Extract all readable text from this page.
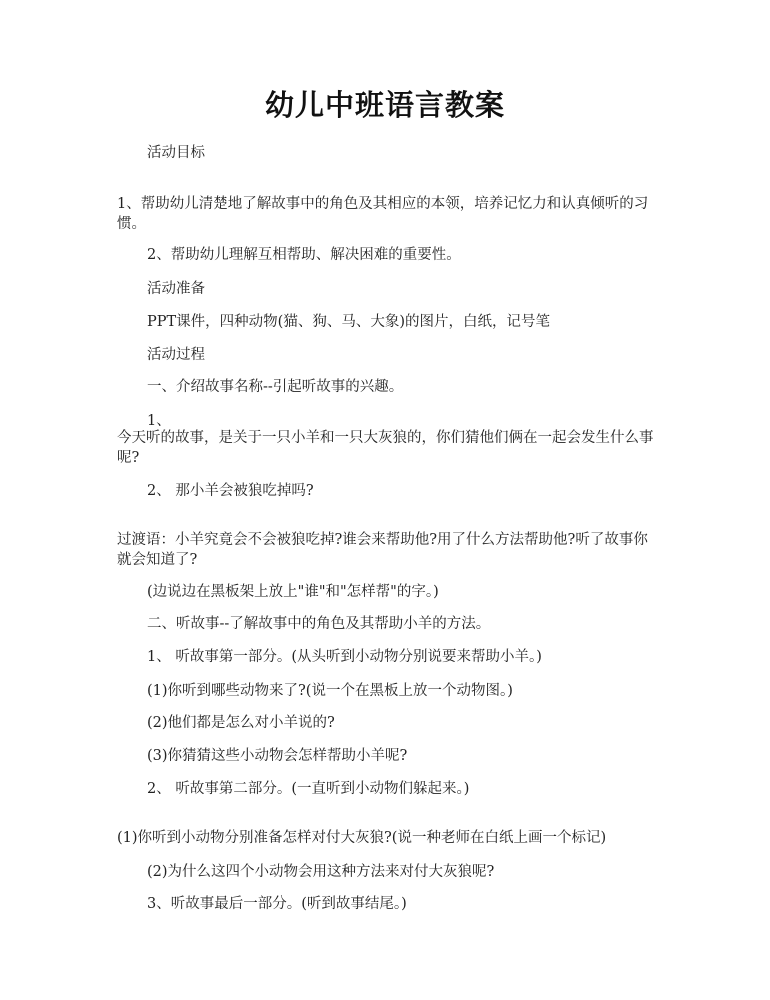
幼儿中班语言教案
活动目标
1、帮助幼儿清楚地了解故事中的角色及其相应的本领，培养记忆力和认真倾听的习惯。
2、帮助幼儿理解互相帮助、解决困难的重要性。
活动准备
PPT课件，四种动物(猫、狗、马、大象)的图片，白纸，记号笔
活动过程
一、介绍故事名称--引起听故事的兴趣。
1、
今天听的故事，是关于一只小羊和一只大灰狼的，你们猜他们俩在一起会发生什么事呢?
2、 那小羊会被狼吃掉吗?
过渡语：小羊究竟会不会被狼吃掉?谁会来帮助他?用了什么方法帮助他?听了故事你就会知道了?
(边说边在黑板架上放上"谁"和"怎样帮"的字。)
二、听故事--了解故事中的角色及其帮助小羊的方法。
1、 听故事第一部分。(从头听到小动物分别说要来帮助小羊。)
(1)你听到哪些动物来了?(说一个在黑板上放一个动物图。)
(2)他们都是怎么对小羊说的?
(3)你猜猜这些小动物会怎样帮助小羊呢?
2、 听故事第二部分。(一直听到小动物们躲起来。)
(1)你听到小动物分别准备怎样对付大灰狼?(说一种老师在白纸上画一个标记)
(2)为什么这四个小动物会用这种方法来对付大灰狼呢?
3、听故事最后一部分。(听到故事结尾。)
